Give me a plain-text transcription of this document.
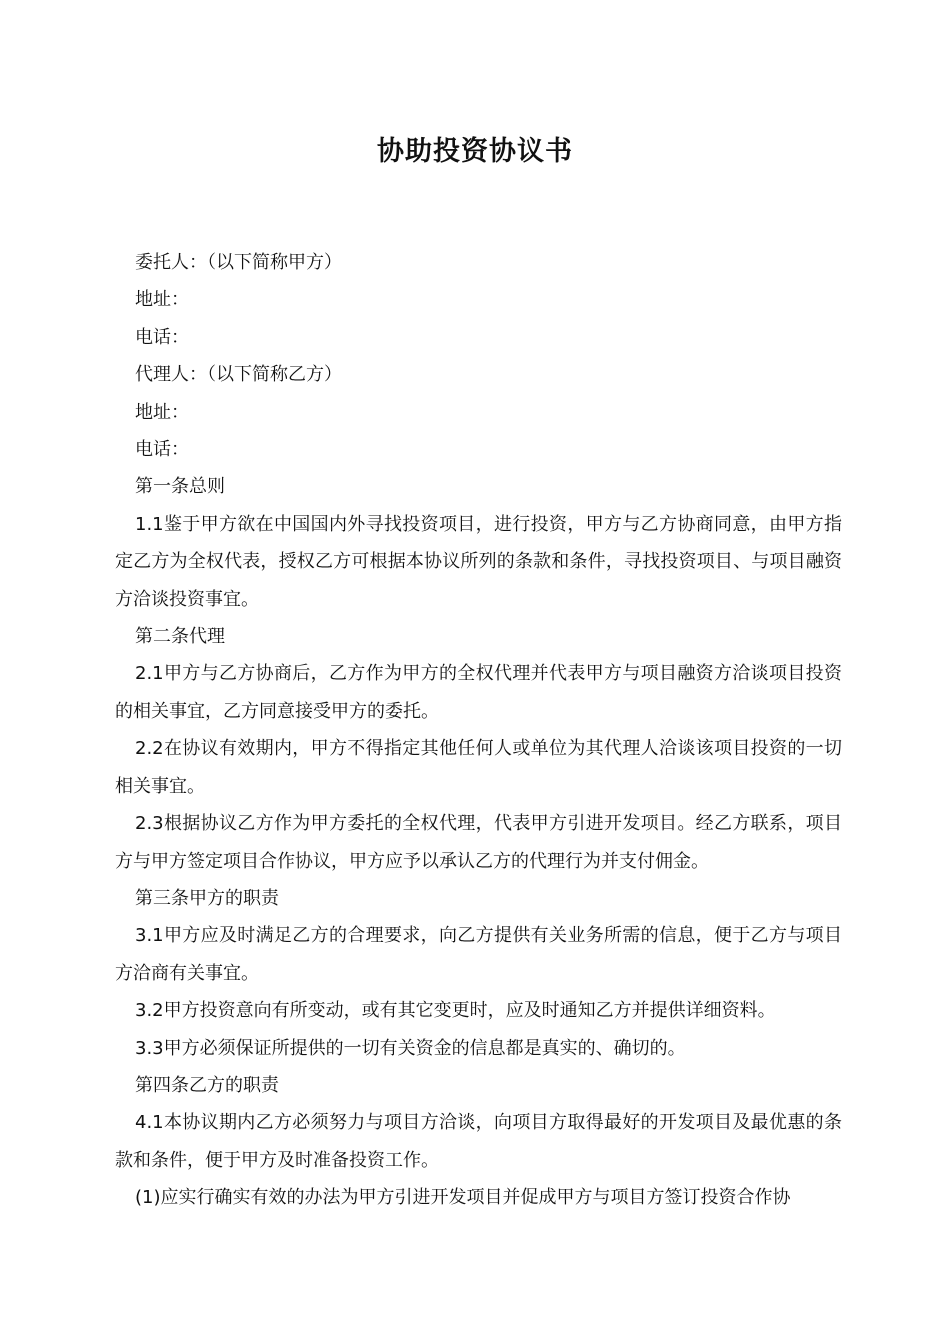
协助投资协议书

委托人：（以下简称甲方）

地址：

电话：

代理人：（以下简称乙方）

地址：

电话：

第一条总则

1.1鉴于甲方欲在中国国内外寻找投资项目，进行投资，甲方与乙方协商同意，由甲方指定乙方为全权代表，授权乙方可根据本协议所列的条款和条件，寻找投资项目、与项目融资方洽谈投资事宜。

第二条代理

2.1甲方与乙方协商后，乙方作为甲方的全权代理并代表甲方与项目融资方洽谈项目投资的相关事宜，乙方同意接受甲方的委托。

2.2在协议有效期内，甲方不得指定其他任何人或单位为其代理人洽谈该项目投资的一切相关事宜。

2.3根据协议乙方作为甲方委托的全权代理，代表甲方引进开发项目。经乙方联系，项目方与甲方签定项目合作协议，甲方应予以承认乙方的代理行为并支付佣金。

第三条甲方的职责

3.1甲方应及时满足乙方的合理要求，向乙方提供有关业务所需的信息，便于乙方与项目方洽商有关事宜。

3.2甲方投资意向有所变动，或有其它变更时，应及时通知乙方并提供详细资料。

3.3甲方必须保证所提供的一切有关资金的信息都是真实的、确切的。

第四条乙方的职责

4.1本协议期内乙方必须努力与项目方洽谈，向项目方取得最好的开发项目及最优惠的条款和条件，便于甲方及时准备投资工作。

(1)应实行确实有效的办法为甲方引进开发项目并促成甲方与项目方签订投资合作协
